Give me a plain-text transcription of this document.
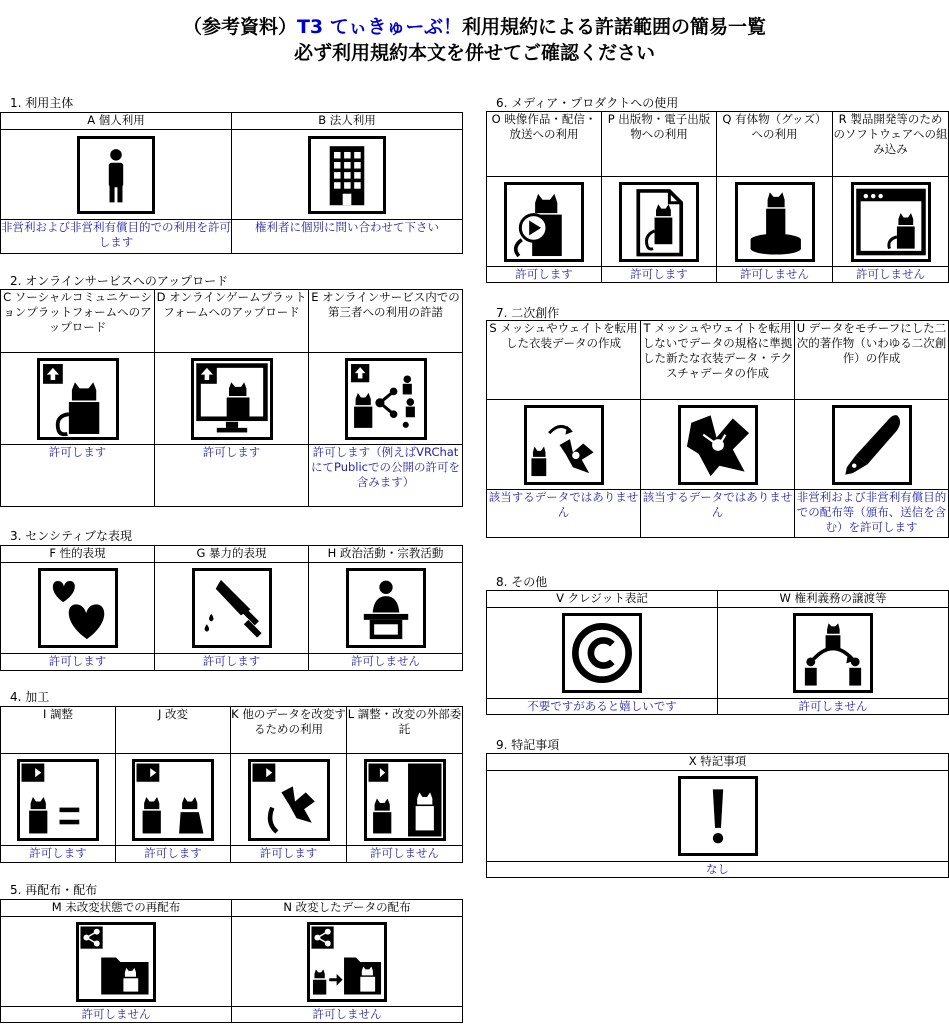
（参考資料）T3 てぃきゅーぶ！利用規約による許諾範囲の簡易一覧
必ず利用規約本文を併せてご確認ください
1. 利用主体
A 個人利用	B 法人利用

非営利および非営利有償目的での利用を許可します	権利者に個別に問い合わせて下さい
2. オンラインサービスへのアップロード
C ソーシャルコミュニケーションプラットフォームへのアップロード	D オンラインゲームプラットフォームへのアップロード	E オンラインサービス内での第三者への利用の許諾

許可します	許可します	許可します（例えばVRChatにてPublicでの公開の許可を含みます）
3. センシティブな表現
F 性的表現	G 暴力的表現	H 政治活動・宗教活動

許可します	許可します	許可しません
4. 加工
I 調整	J 改変	K 他のデータを改変するための利用	L 調整・改変の外部委託

許可します	許可します	許可します	許可しません
5. 再配布・配布
M 未改変状態での再配布	N 改変したデータの配布

許可しません	許可しません
6. メディア・プロダクトへの使用
O 映像作品・配信・放送への利用	P 出版物・電子出版物への利用	Q 有体物（グッズ）への利用	R 製品開発等のためのソフトウェアへの組み込み

許可します	許可します	許可しません	許可しません
7. 二次創作
S メッシュやウェイトを転用した衣装データの作成	T メッシュやウェイトを転用しないでデータの規格に準拠した新たな衣装データ・テクスチャデータの作成	U データをモチーフにした二次的著作物（いわゆる二次創作）の作成

該当するデータではありません	該当するデータではありません	非営利および非営利有償目的での配布等（頒布、送信を含む）を許可します
8. その他
V クレジット表記	W 権利義務の譲渡等

不要ですがあると嬉しいです	許可しません
9. 特記事項
X 特記事項

なし
